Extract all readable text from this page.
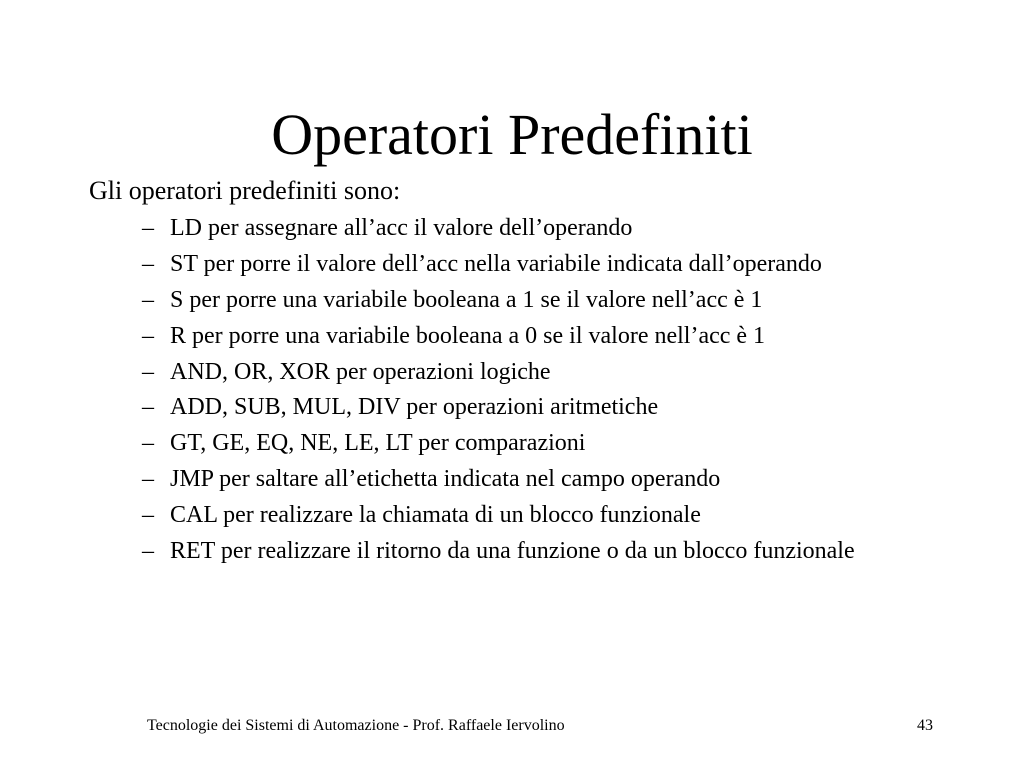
Operatori Predefiniti

Gli operatori predefiniti sono:

– LD per assegnare all’acc il valore dell’operando
– ST per porre il valore dell’acc nella variabile indicata dall’operando
– S per porre una variabile booleana a 1 se il valore nell’acc è 1
– R per porre una variabile booleana a 0 se il valore nell’acc è 1
– AND, OR, XOR per operazioni logiche
– ADD, SUB, MUL, DIV per operazioni aritmetiche
– GT, GE, EQ, NE, LE, LT per comparazioni
– JMP per saltare all’etichetta indicata nel campo operando
– CAL per realizzare la chiamata di un blocco funzionale
– RET per realizzare il ritorno da una funzione o da un blocco funzionale
Tecnologie dei Sistemi di Automazione - Prof. Raffaele Iervolino	43
